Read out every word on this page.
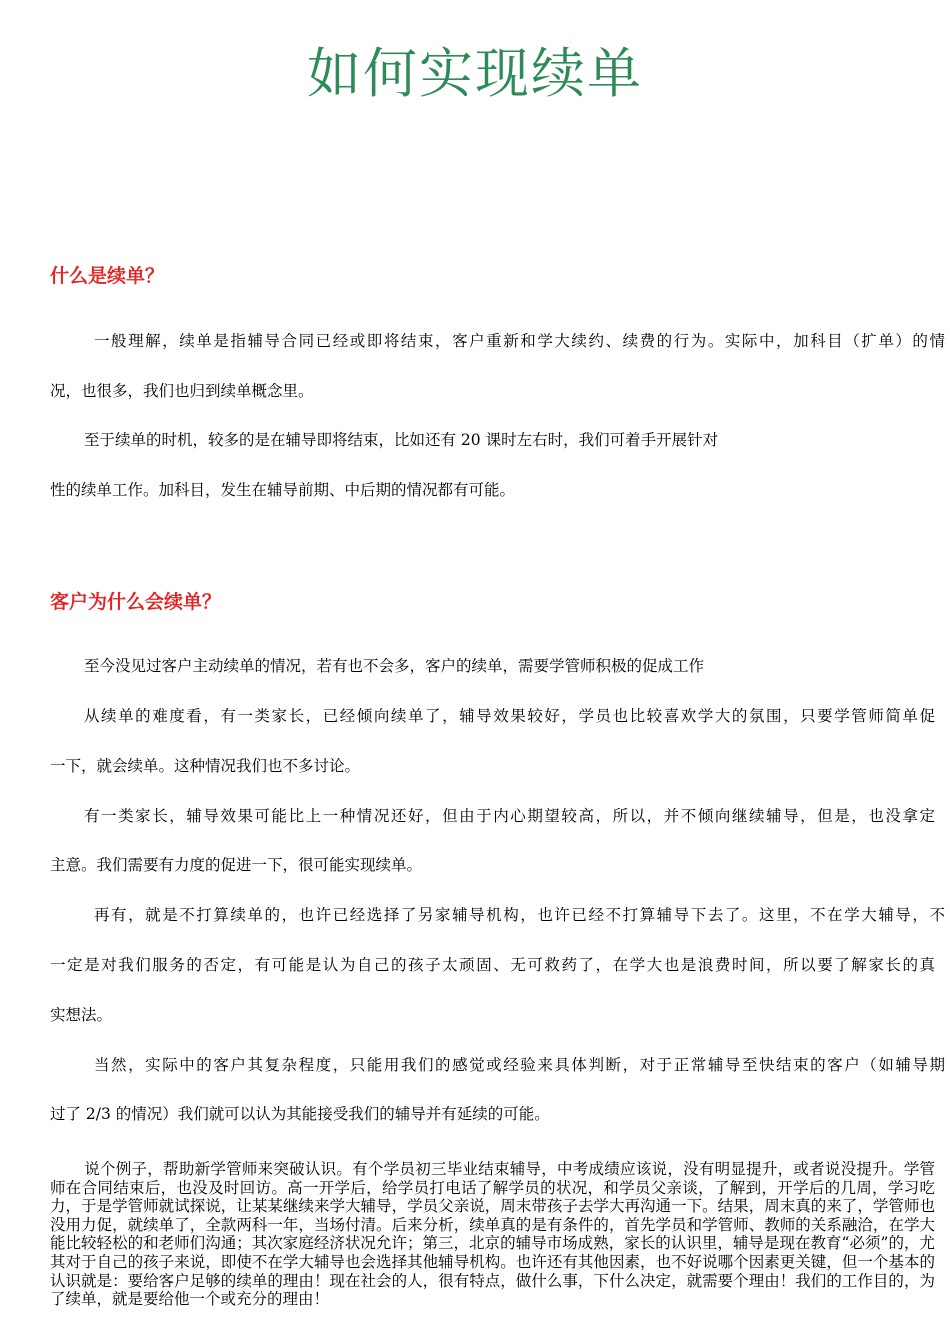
如何实现续单
什么是续单？
一般理解，续单是指辅导合同已经或即将结束，客户重新和学大续约、续费的行为。实际中，加科目（扩单）的情
况，也很多，我们也归到续单概念里。
至于续单的时机，较多的是在辅导即将结束，比如还有 20 课时左右时，我们可着手开展针对
性的续单工作。加科目，发生在辅导前期、中后期的情况都有可能。
客户为什么会续单？
至今没见过客户主动续单的情况，若有也不会多，客户的续单，需要学管师积极的促成工作
从续单的难度看，有一类家长，已经倾向续单了，辅导效果较好，学员也比较喜欢学大的氛围，只要学管师简单促
一下，就会续单。这种情况我们也不多讨论。
有一类家长，辅导效果可能比上一种情况还好，但由于内心期望较高，所以，并不倾向继续辅导，但是，也没拿定
主意。我们需要有力度的促进一下，很可能实现续单。
再有，就是不打算续单的，也许已经选择了另家辅导机构，也许已经不打算辅导下去了。这里，不在学大辅导，不
一定是对我们服务的否定，有可能是认为自己的孩子太顽固、无可救药了，在学大也是浪费时间，所以要了解家长的真
实想法。
当然，实际中的客户其复杂程度，只能用我们的感觉或经验来具体判断，对于正常辅导至快结束的客户（如辅导期
过了 2/3 的情况）我们就可以认为其能接受我们的辅导并有延续的可能。
说个例子，帮助新学管师来突破认识。有个学员初三毕业结束辅导，中考成绩应该说，没有明显提升，或者说没提升。学管师在合同结束后，也没及时回访。高一开学后，给学员打电话了解学员的状况，和学员父亲谈，了解到，开学后的几周，学习吃力，于是学管师就试探说，让某某继续来学大辅导，学员父亲说，周末带孩子去学大再沟通一下。结果，周末真的来了，学管师也没用力促，就续单了，全款两科一年，当场付清。后来分析，续单真的是有条件的，首先学员和学管师、教师的关系融洽，在学大能比较轻松的和老师们沟通；其次家庭经济状况允许；第三，北京的辅导市场成熟，家长的认识里，辅导是现在教育“必须”的，尤其对于自己的孩子来说，即使不在学大辅导也会选择其他辅导机构。也许还有其他因素，也不好说哪个因素更关键，但一个基本的认识就是：要给客户足够的续单的理由！现在社会的人，很有特点，做什么事，下什么决定，就需要个理由！我们的工作目的，为了续单，就是要给他一个或充分的理由！
